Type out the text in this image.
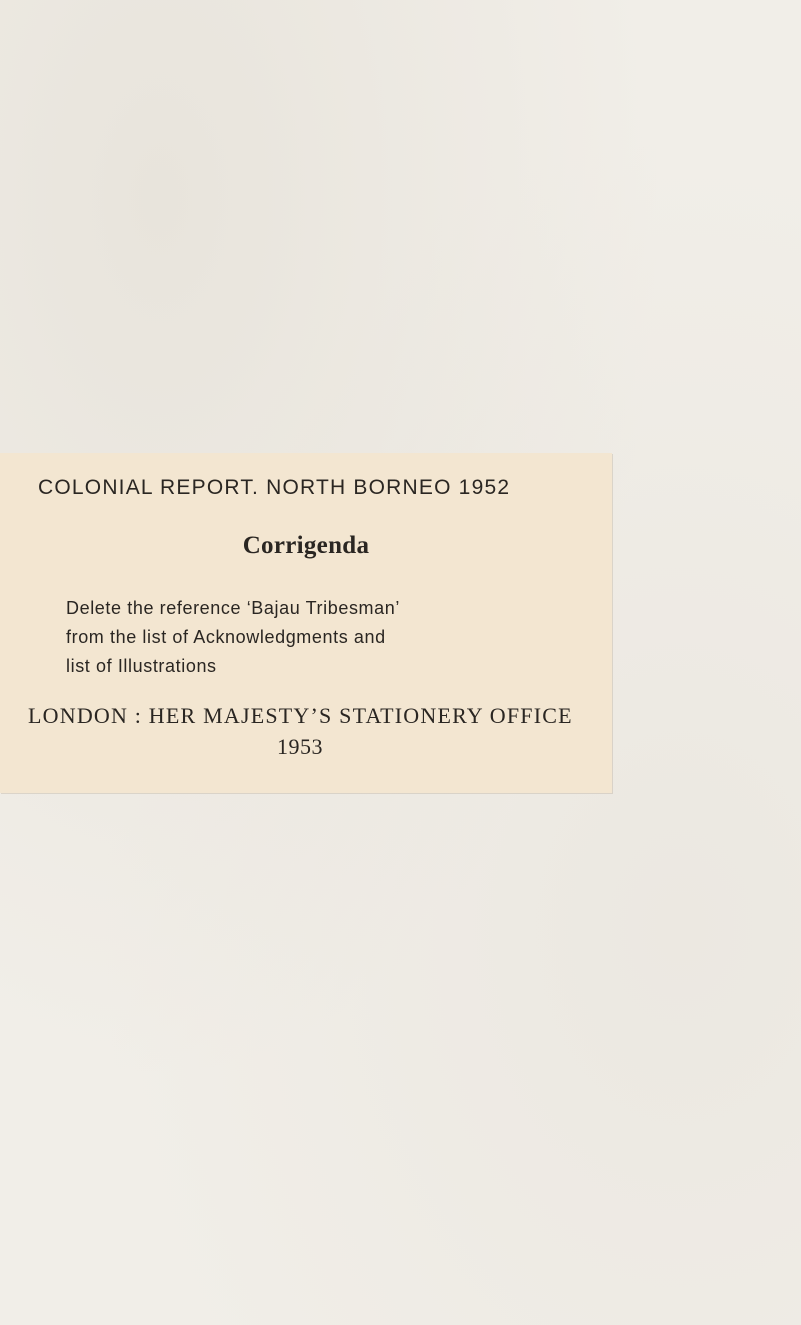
COLONIAL REPORT. NORTH BORNEO 1952
Corrigenda
Delete the reference ‘Bajau Tribesman’
from the list of Acknowledgments and
list of Illustrations
LONDON : HER MAJESTY’S STATIONERY OFFICE
1953
